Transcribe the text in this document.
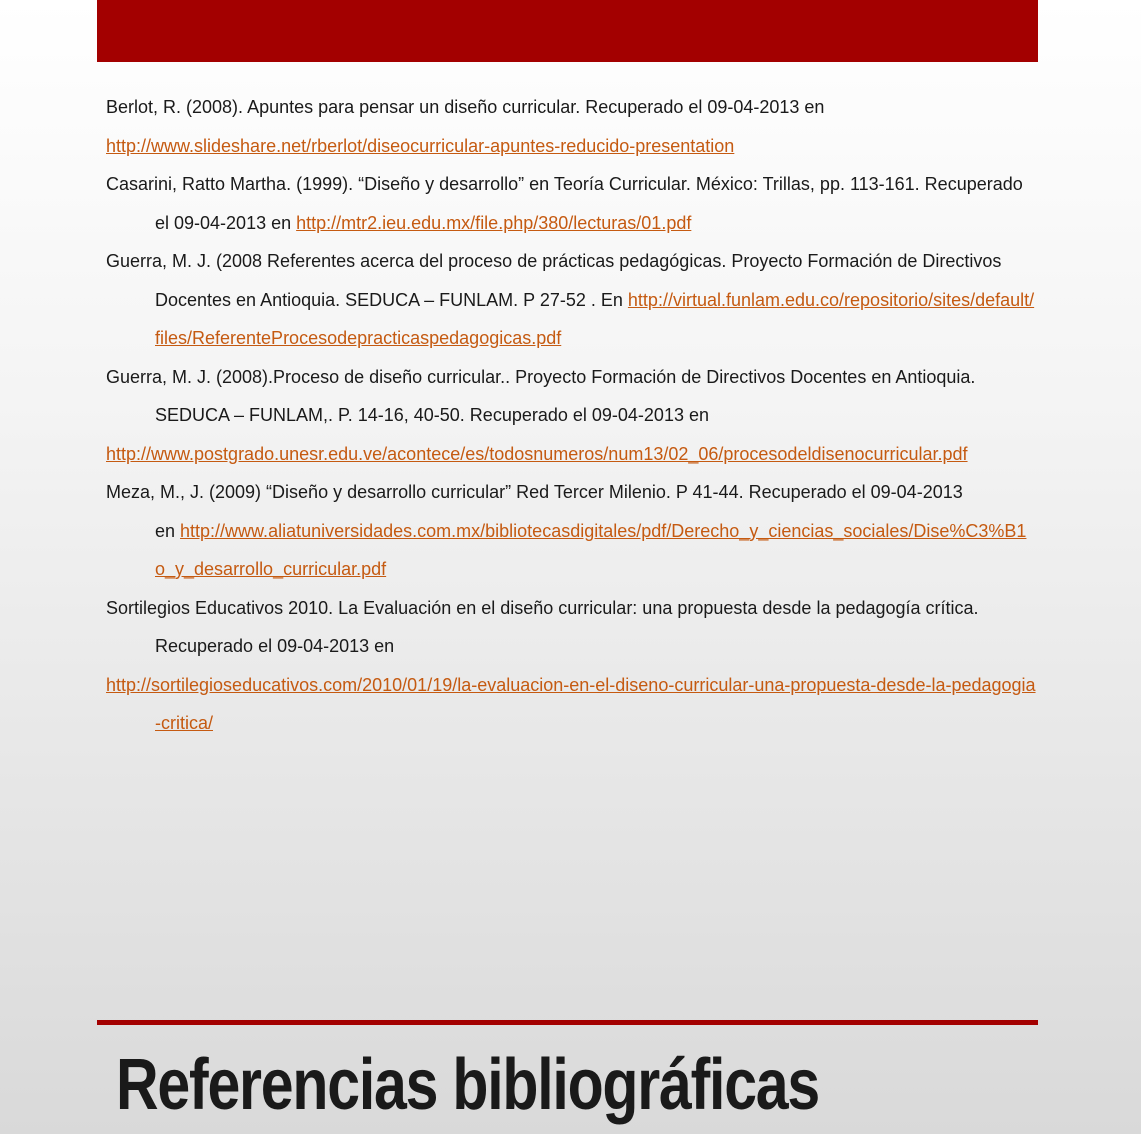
Berlot, R. (2008). Apuntes para pensar un diseño curricular. Recuperado el 09-04-2013 en
http://www.slideshare.net/rberlot/diseocurricular-apuntes-reducido-presentation

Casarini, Ratto Martha. (1999). “Diseño y desarrollo” en Teoría Curricular. México: Trillas, pp. 113-161. Recuperado el 09-04-2013 en http://mtr2.ieu.edu.mx/file.php/380/lecturas/01.pdf

Guerra, M. J. (2008 Referentes acerca del proceso de prácticas pedagógicas. Proyecto Formación de Directivos Docentes en Antioquia. SEDUCA – FUNLAM. P 27-52 . En http://virtual.funlam.edu.co/repositorio/sites/default/files/ReferenteProcesodepracticaspedagogicas.pdf

Guerra, M. J. (2008).Proceso de diseño curricular.. Proyecto Formación de Directivos Docentes en Antioquia. SEDUCA – FUNLAM,. P. 14-16, 40-50. Recuperado el 09-04-2013 en
http://www.postgrado.unesr.edu.ve/acontece/es/todosnumeros/num13/02_06/procesodeldisenocurricular.pdf

Meza, M., J. (2009) “Diseño y desarrollo curricular” Red Tercer Milenio. P 41-44. Recuperado el 09-04-2013
en http://www.aliatuniversidades.com.mx/bibliotecasdigitales/pdf/Derecho_y_ciencias_sociales/Dise%C3%B1o_y_desarrollo_curricular.pdf

Sortilegios Educativos 2010. La Evaluación en el diseño curricular: una propuesta desde la pedagogía crítica. Recuperado el 09-04-2013 en
http://sortilegioseducativos.com/2010/01/19/la-evaluacion-en-el-diseno-curricular-una-propuesta-desde-la-pedagogia-critica/

Referencias bibliográficas
